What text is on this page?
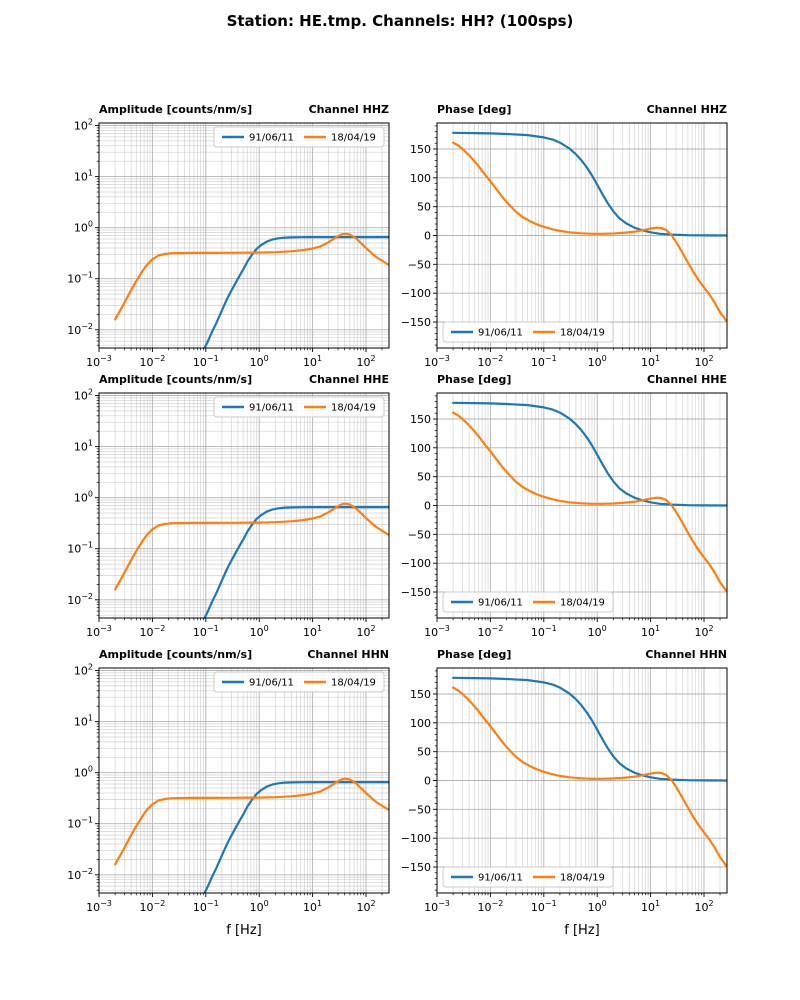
Station: HE.tmp. Channels: HH? (100sps)
Amplitude [counts/nm/s]	Channel HHZ
$10^{-3}$	$10^{-2}$	$10^{-1}$	$10^0$	$10^1$	$10^2$
$10^{-2}$
$10^{-1}$
$10^0$
$10^1$
$10^2$
91/06/11	18/04/19
Phase [deg]	Channel HHZ
$10^{-3}$	$10^{-2}$	$10^{-1}$	$10^0$	$10^1$	$10^2$
−150
−100
−50
0
50
100
150
91/06/11	18/04/19
Amplitude [counts/nm/s]	Channel HHE
$10^{-3}$	$10^{-2}$	$10^{-1}$	$10^0$	$10^1$	$10^2$
$10^{-2}$
$10^{-1}$
$10^0$
$10^1$
$10^2$
91/06/11	18/04/19
Phase [deg]	Channel HHE
$10^{-3}$	$10^{-2}$	$10^{-1}$	$10^0$	$10^1$	$10^2$
−150
−100
−50
0
50
100
150
91/06/11	18/04/19
Amplitude [counts/nm/s]	Channel HHN
$10^{-3}$	$10^{-2}$	$10^{-1}$	$10^0$	$10^1$	$10^2$
$10^{-2}$
$10^{-1}$
$10^0$
$10^1$
$10^2$
91/06/11	18/04/19
f [Hz]
Phase [deg]	Channel HHN
$10^{-3}$	$10^{-2}$	$10^{-1}$	$10^0$	$10^1$	$10^2$
−150
−100
−50
0
50
100
150
91/06/11	18/04/19
f [Hz]
